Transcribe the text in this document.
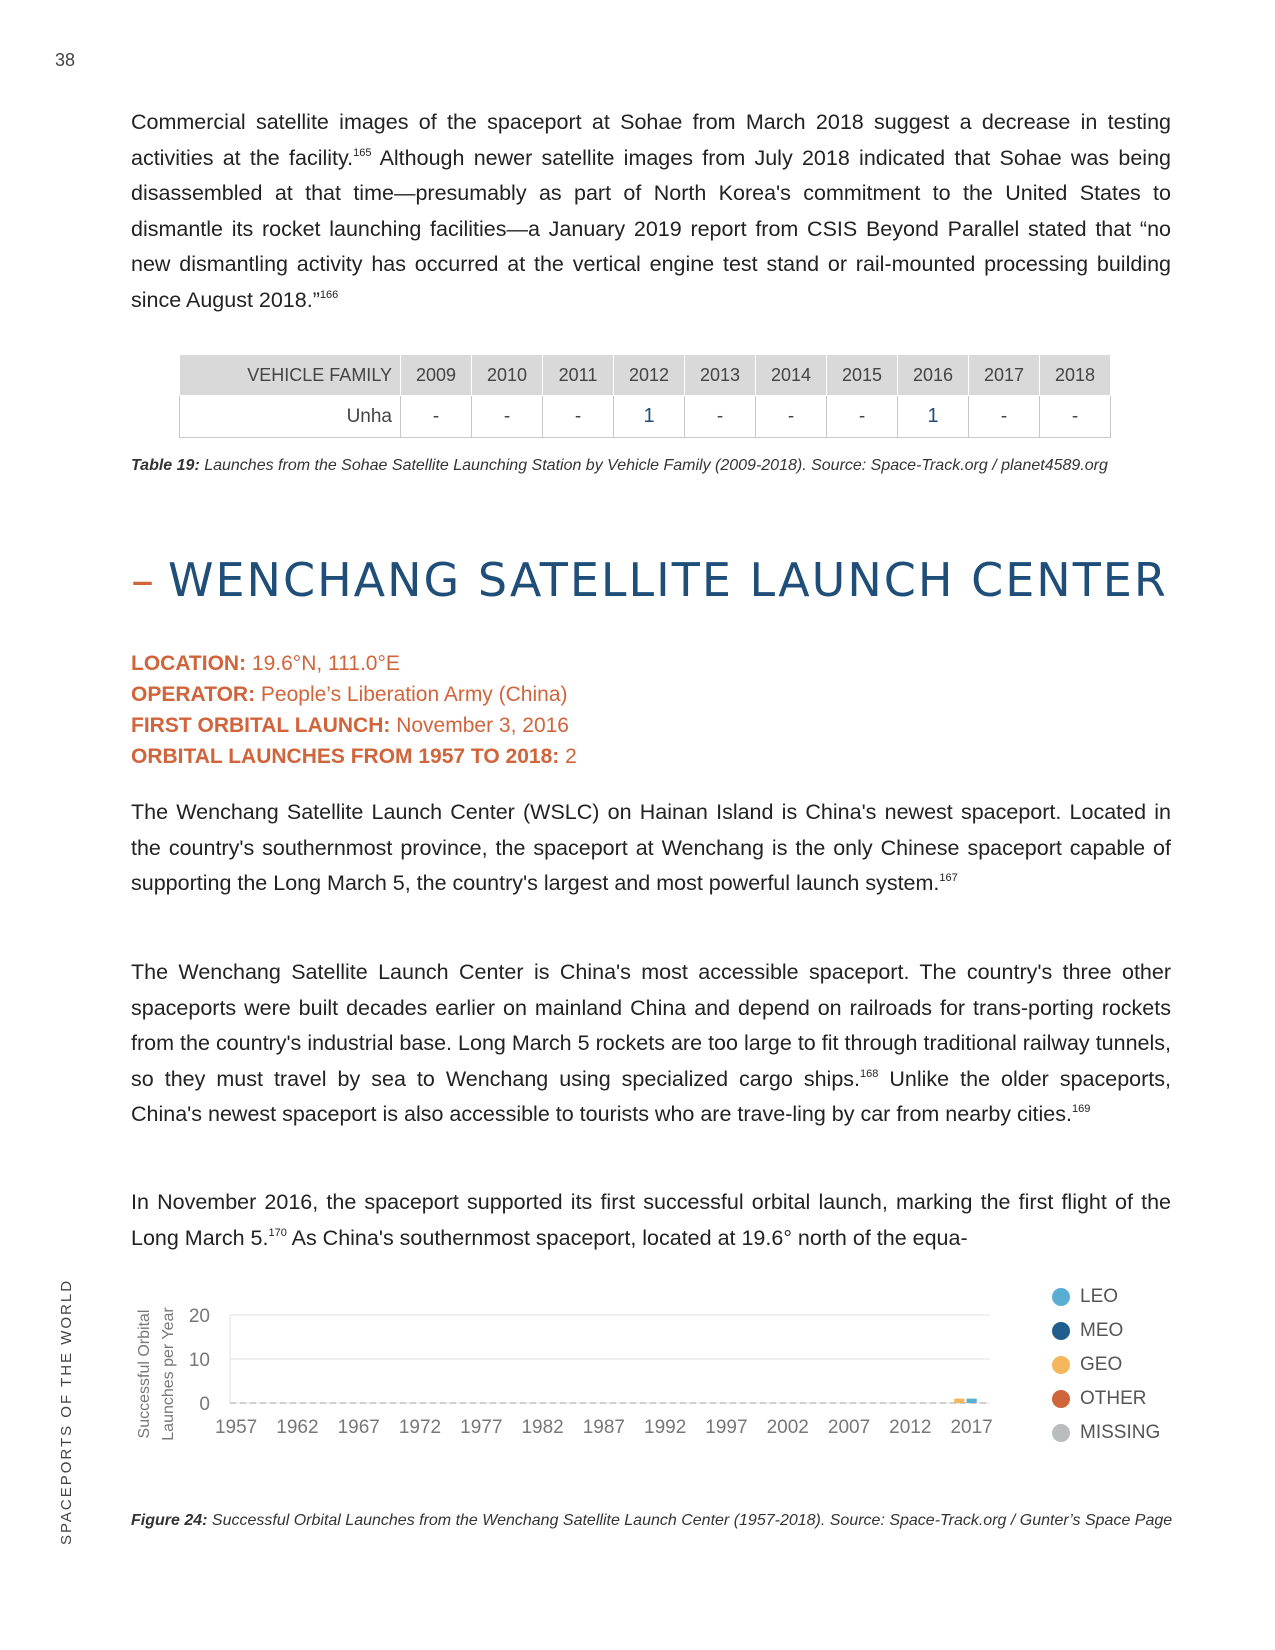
38
SPACEPORTS OF THE WORLD

Commercial satellite images of the spaceport at Sohae from March 2018 suggest a decrease in testing activities at the facility.$^{165}$ Although newer satellite images from July 2018 indicated that Sohae was being disassembled at that time—presumably as part of North Korea's commitment to the United States to dismantle its rocket launching facilities—a January 2019 report from CSIS Beyond Parallel stated that “no new dismantling activity has occurred at the vertical engine test stand or rail-mounted processing building since August 2018.”$^{166}$

VEHICLE FAMILY	2009	2010	2011	2012	2013	2014	2015	2016	2017	2018
Unha	-	-	-	1	-	-	-	1	-	-
Table 19: Launches from the Sohae Satellite Launching Station by Vehicle Family (2009-2018). Source: Space-Track.org / planet4589.org
– WENCHANG SATELLITE LAUNCH CENTER
LOCATION: 19.6°N, 111.0°E
OPERATOR: People’s Liberation Army (China)
FIRST ORBITAL LAUNCH: November 3, 2016
ORBITAL LAUNCHES FROM 1957 TO 2018: 2

The Wenchang Satellite Launch Center (WSLC) on Hainan Island is China's newest spaceport. Located in the country's southernmost province, the spaceport at Wenchang is the only Chinese spaceport capable of supporting the Long March 5, the country's largest and most powerful launch system.$^{167}$

The Wenchang Satellite Launch Center is China's most accessible spaceport. The country's three other spaceports were built decades earlier on mainland China and depend on railroads for trans-porting rockets from the country's industrial base. Long March 5 rockets are too large to fit through traditional railway tunnels, so they must travel by sea to Wenchang using specialized cargo ships.$^{168}$ Unlike the older spaceports, China's newest spaceport is also accessible to tourists who are trave-ling by car from nearby cities.$^{169}$

In November 2016, the spaceport supported its first successful orbital launch, marking the first flight of the Long March 5.$^{170}$ As China's southernmost spaceport, located at 19.6° north of the equa-

0
10
20
Successful Orbital Launches per Year 1957 1962 1967 1972 1977 1982 1987 1992 1997 2002 2007 2012 2017
LEO
MEO
GEO
OTHER
MISSING
Figure 24: Successful Orbital Launches from the Wenchang Satellite Launch Center (1957-2018). Source: Space-Track.org / Gunter’s Space Page
